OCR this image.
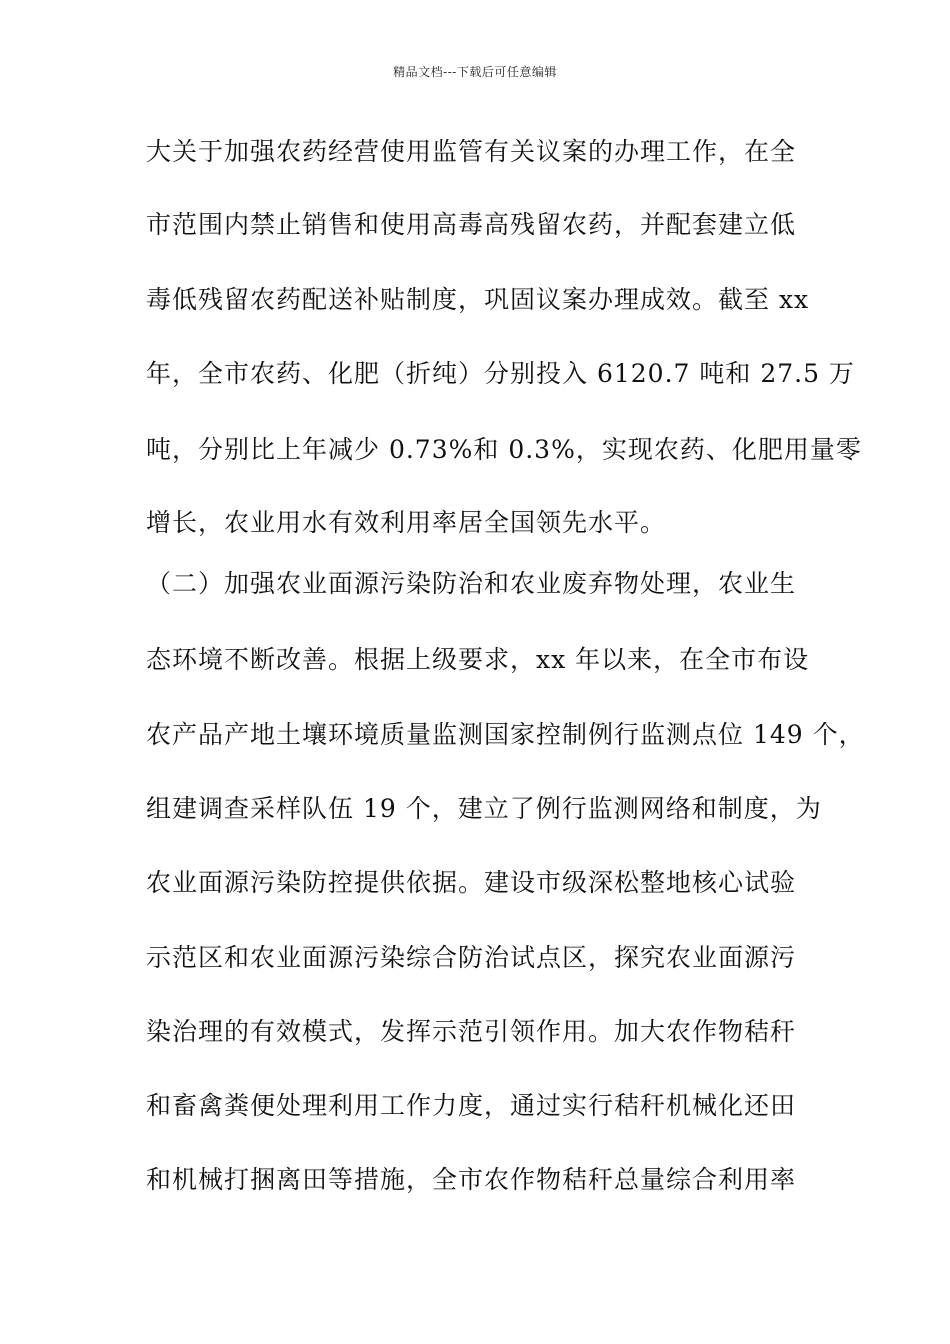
精品文档---下载后可任意编辑
大关于加强农药经营使用监管有关议案的办理工作，在全
市范围内禁止销售和使用高毒高残留农药，并配套建立低
毒低残留农药配送补贴制度，巩固议案办理成效。截至 xx
年，全市农药、化肥（折纯）分别投入 6120.7 吨和 27.5 万
吨，分别比上年减少 0.73%和 0.3%，实现农药、化肥用量零
增长，农业用水有效利用率居全国领先水平。
（二）加强农业面源污染防治和农业废弃物处理，农业生
态环境不断改善。根据上级要求，xx 年以来，在全市布设
农产品产地土壤环境质量监测国家控制例行监测点位 149 个，
组建调查采样队伍 19 个，建立了例行监测网络和制度，为
农业面源污染防控提供依据。建设市级深松整地核心试验
示范区和农业面源污染综合防治试点区，探究农业面源污
染治理的有效模式，发挥示范引领作用。加大农作物秸秆
和畜禽粪便处理利用工作力度，通过实行秸秆机械化还田
和机械打捆离田等措施，全市农作物秸秆总量综合利用率
